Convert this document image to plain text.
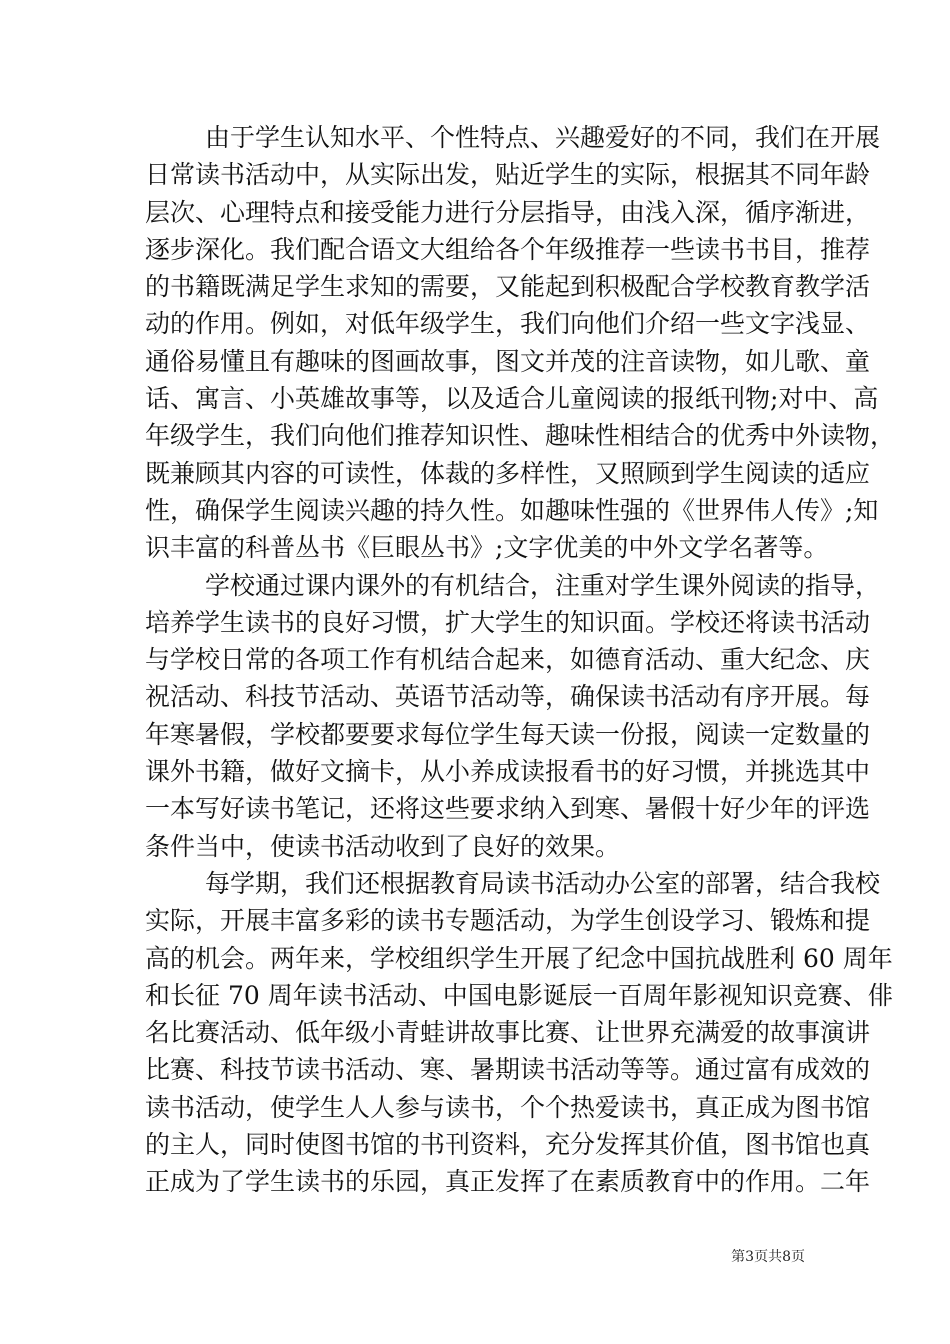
由于学生认知水平、个性特点、兴趣爱好的不同，我们在开展
日常读书活动中，从实际出发，贴近学生的实际，根据其不同年龄
层次、心理特点和接受能力进行分层指导，由浅入深，循序渐进，
逐步深化。我们配合语文大组给各个年级推荐一些读书书目，推荐
的书籍既满足学生求知的需要，又能起到积极配合学校教育教学活
动的作用。例如，对低年级学生，我们向他们介绍一些文字浅显、
通俗易懂且有趣味的图画故事，图文并茂的注音读物，如儿歌、童
话、寓言、小英雄故事等，以及适合儿童阅读的报纸刊物;对中、高
年级学生，我们向他们推荐知识性、趣味性相结合的优秀中外读物，
既兼顾其内容的可读性，体裁的多样性，又照顾到学生阅读的适应
性，确保学生阅读兴趣的持久性。如趣味性强的《世界伟人传》;知
识丰富的科普丛书《巨眼丛书》;文字优美的中外文学名著等。
学校通过课内课外的有机结合，注重对学生课外阅读的指导，
培养学生读书的良好习惯，扩大学生的知识面。学校还将读书活动
与学校日常的各项工作有机结合起来，如德育活动、重大纪念、庆
祝活动、科技节活动、英语节活动等，确保读书活动有序开展。每
年寒暑假，学校都要要求每位学生每天读一份报，阅读一定数量的
课外书籍，做好文摘卡，从小养成读报看书的好习惯，并挑选其中
一本写好读书笔记，还将这些要求纳入到寒、暑假十好少年的评选
条件当中，使读书活动收到了良好的效果。
每学期，我们还根据教育局读书活动办公室的部署，结合我校
实际，开展丰富多彩的读书专题活动，为学生创设学习、锻炼和提
高的机会。两年来，学校组织学生开展了纪念中国抗战胜利 60 周年
和长征 70 周年读书活动、中国电影诞辰一百周年影视知识竞赛、俳
名比赛活动、低年级小青蛙讲故事比赛、让世界充满爱的故事演讲
比赛、科技节读书活动、寒、暑期读书活动等等。通过富有成效的
读书活动，使学生人人参与读书，个个热爱读书，真正成为图书馆
的主人，同时使图书馆的书刊资料，充分发挥其价值，图书馆也真
正成为了学生读书的乐园，真正发挥了在素质教育中的作用。二年
第3页共8页
